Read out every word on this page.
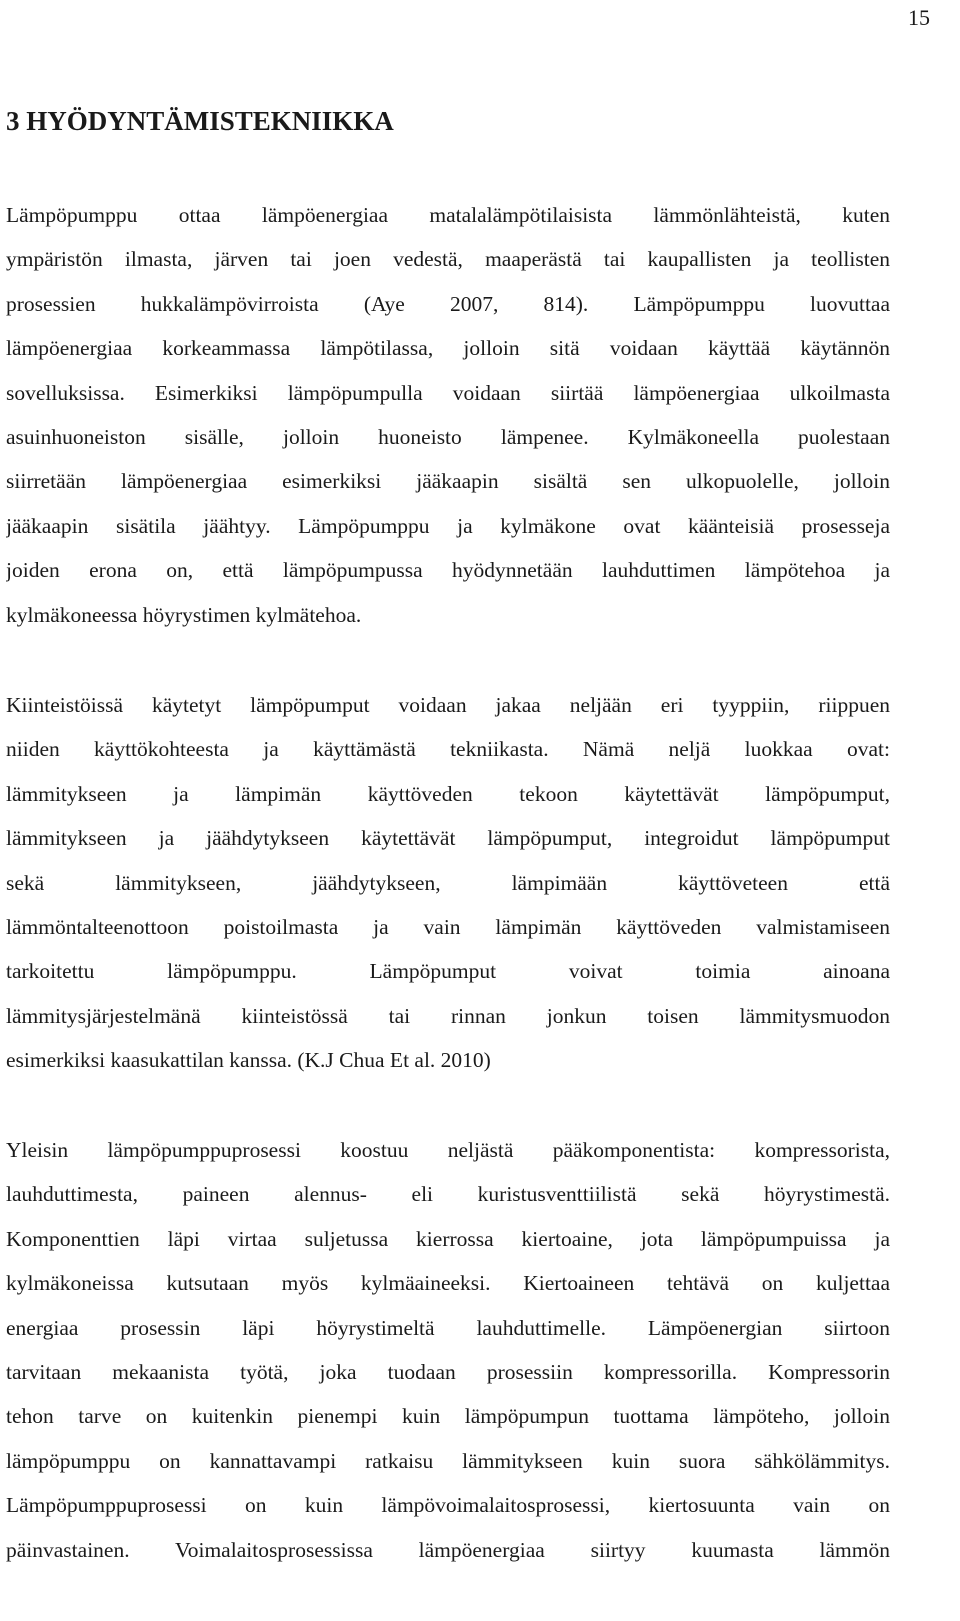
15
3 HYÖDYNTÄMISTEKNIIKKA
Lämpöpumppu ottaa lämpöenergiaa matalalämpötilaisista lämmönlähteistä, kuten
ympäristön ilmasta, järven tai joen vedestä, maaperästä tai kaupallisten ja teollisten
prosessien hukkalämpövirroista (Aye 2007, 814). Lämpöpumppu luovuttaa
lämpöenergiaa korkeammassa lämpötilassa, jolloin sitä voidaan käyttää käytännön
sovelluksissa. Esimerkiksi lämpöpumpulla voidaan siirtää lämpöenergiaa ulkoilmasta
asuinhuoneiston sisälle, jolloin huoneisto lämpenee. Kylmäkoneella puolestaan
siirretään lämpöenergiaa esimerkiksi jääkaapin sisältä sen ulkopuolelle, jolloin
jääkaapin sisätila jäähtyy. Lämpöpumppu ja kylmäkone ovat käänteisiä prosesseja
joiden erona on, että lämpöpumpussa hyödynnetään lauhduttimen lämpötehoa ja
kylmäkoneessa höyrystimen kylmätehoa.
Kiinteistöissä käytetyt lämpöpumput voidaan jakaa neljään eri tyyppiin, riippuen
niiden käyttökohteesta ja käyttämästä tekniikasta. Nämä neljä luokkaa ovat:
lämmitykseen ja lämpimän käyttöveden tekoon käytettävät lämpöpumput,
lämmitykseen ja jäähdytykseen käytettävät lämpöpumput, integroidut lämpöpumput
sekä lämmitykseen, jäähdytykseen, lämpimään käyttöveteen että
lämmöntalteenottoon poistoilmasta ja vain lämpimän käyttöveden valmistamiseen
tarkoitettu lämpöpumppu. Lämpöpumput voivat toimia ainoana
lämmitysjärjestelmänä kiinteistössä tai rinnan jonkun toisen lämmitysmuodon
esimerkiksi kaasukattilan kanssa. (K.J Chua Et al. 2010)
Yleisin lämpöpumppuprosessi koostuu neljästä pääkomponentista: kompressorista,
lauhduttimesta, paineen alennus- eli kuristusventtiilistä sekä höyrystimestä.
Komponenttien läpi virtaa suljetussa kierrossa kiertoaine, jota lämpöpumpuissa ja
kylmäkoneissa kutsutaan myös kylmäaineeksi. Kiertoaineen tehtävä on kuljettaa
energiaa prosessin läpi höyrystimeltä lauhduttimelle. Lämpöenergian siirtoon
tarvitaan mekaanista työtä, joka tuodaan prosessiin kompressorilla. Kompressorin
tehon tarve on kuitenkin pienempi kuin lämpöpumpun tuottama lämpöteho, jolloin
lämpöpumppu on kannattavampi ratkaisu lämmitykseen kuin suora sähkölämmitys.
Lämpöpumppuprosessi on kuin lämpövoimalaitosprosessi, kiertosuunta vain on
päinvastainen. Voimalaitosprosessissa lämpöenergiaa siirtyy kuumasta lämmön
